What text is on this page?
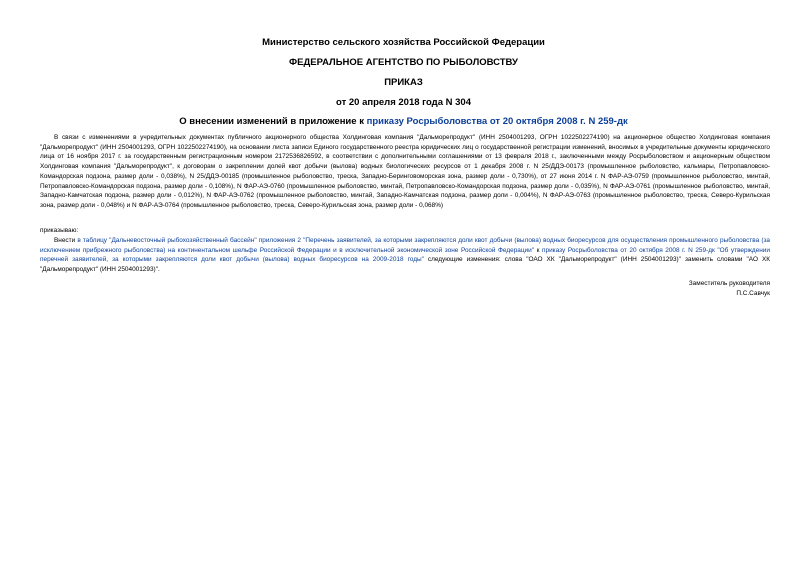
Министерство сельского хозяйства Российской Федерации
ФЕДЕРАЛЬНОЕ АГЕНТСТВО ПО РЫБОЛОВСТВУ
ПРИКАЗ
от 20 апреля 2018 года N 304
О внесении изменений в приложение к приказу Росрыболовства от 20 октября 2008 г. N 259-дк
В связи с изменениями в учредительных документах публичного акционерного общества Холдинговая компания "Дальморепродукт" (ИНН 2504001293, ОГРН 1022502274190) на акционерное общество Холдинговая компания "Дальморепродукт" (ИНН 2504001293, ОГРН 1022502274190), на основании листа записи Единого государственного реестра юридических лиц о государственной регистрации изменений, вносимых в учредительные документы юридического лица от 16 ноября 2017 г. за государственным регистрационным номером 2172536826592, в соответствии с дополнительными соглашениями от 13 февраля 2018 г., заключенными между Росрыболовством и акционерным обществом Холдинговая компания "Дальморепродукт", к договорам о закреплении долей квот добычи (вылова) водных биологических ресурсов от 1 декабря 2008 г. N 25/ДДЭ-00173 (промышленное рыболовство, кальмары, Петропавловско-Командорская подзона, размер доли - 0,038%), N 25/ДДЭ-00185 (промышленное рыболовство, треска, Западно-Беринговоморская зона, размер доли - 0,730%), от 27 июня 2014 г. N ФАР-АЭ-0759 (промышленное рыболовство, минтай, Петропавловско-Командорская подзона, размер доли - 0,108%), N ФАР-АЭ-0760 (промышленное рыболовство, минтай, Петропавловско-Командорская подзона, размер доли - 0,035%), N ФАР-АЭ-0761 (промышленное рыболовство, минтай, Западно-Камчатская подзона, размер доли - 0,012%), N ФАР-АЭ-0762 (промышленное рыболовство, минтай, Западно-Камчатская подзона, размер доли - 0,004%), N ФАР-АЭ-0763 (промышленное рыболовство, треска, Северо-Курильская зона, размер доли - 0,048%) и N ФАР-АЭ-0764 (промышленное рыболовство, треска, Северо-Курильская зона, размер доли - 0,068%)
приказываю:
Внести в таблицу "Дальневосточный рыбохозяйственный бассейн" приложения 2 "Перечень заявителей, за которыми закрепляются доли квот добычи (вылова) водных биоресурсов для осуществления промышленного рыболовства (за исключением прибрежного рыболовства) на континентальном шельфе Российской Федерации и в исключительной экономической зоне Российской Федерации" к приказу Росрыболовства от 20 октября 2008 г. N 259-дк "Об утверждении перечней заявителей, за которыми закрепляются доли квот добычи (вылова) водных биоресурсов на 2009-2018 годы" следующие изменения: слова "ОАО ХК "Дальморепродукт" (ИНН 2504001293)" заменить словами "АО ХК "Дальморепродукт" (ИНН 2504001293)".
Заместитель руководителя
П.С.Савчук
